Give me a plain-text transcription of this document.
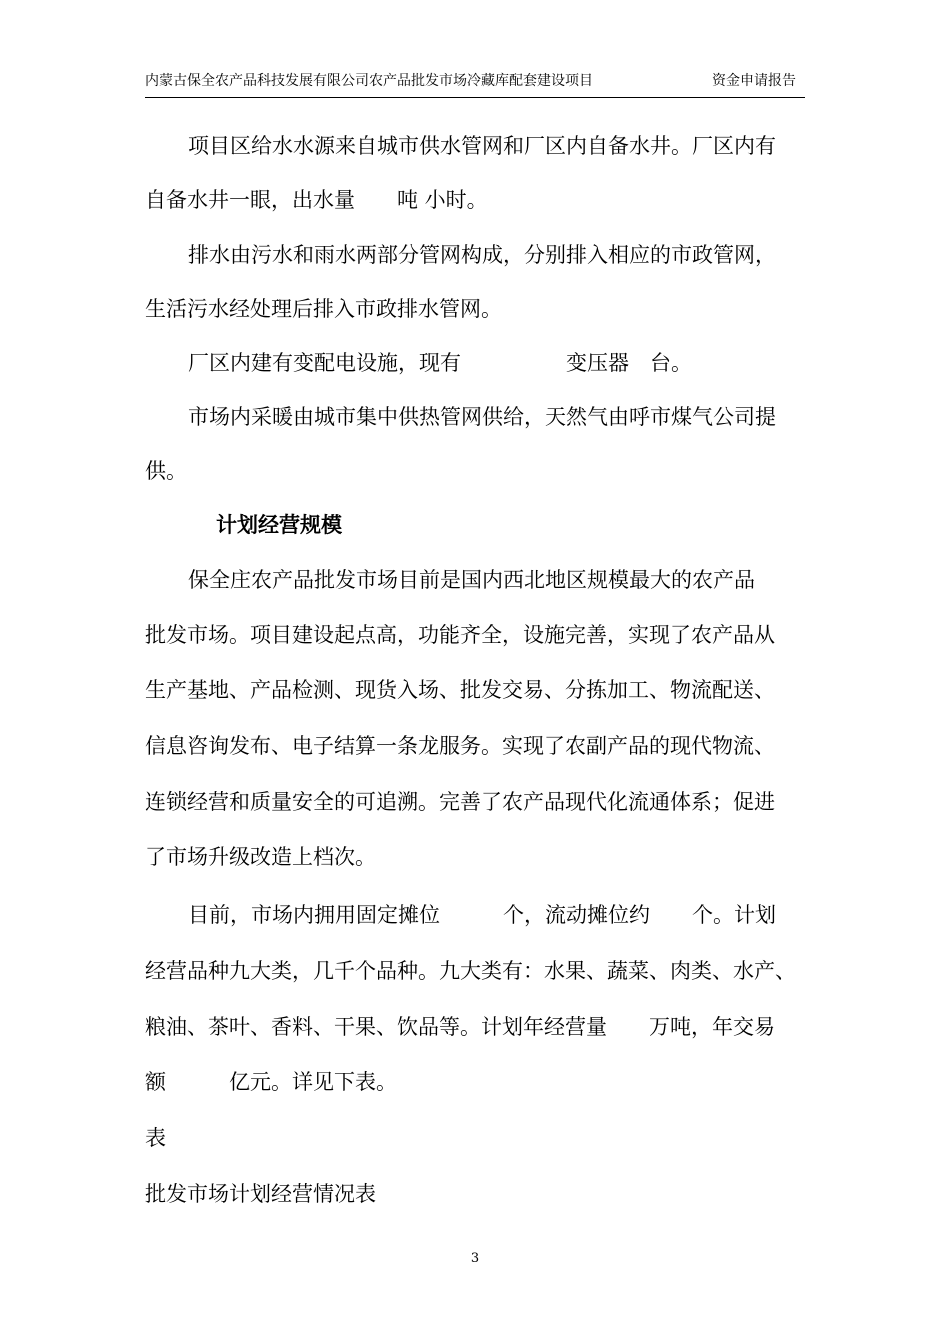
内蒙古保全农产品科技发展有限公司农产品批发市场冷藏库配套建设项目	资金申请报告
项目区给水水源来自城市供水管网和厂区内自备水井。厂区内有
自备水井一眼，出水量　　吨 小时。
排水由污水和雨水两部分管网构成，分别排入相应的市政管网，
生活污水经处理后排入市政排水管网。
厂区内建有变配电设施，现有　　　　　变压器　台。
市场内采暖由城市集中供热管网供给，天然气由呼市煤气公司提
供。
计划经营规模
保全庄农产品批发市场目前是国内西北地区规模最大的农产品
批发市场。项目建设起点高，功能齐全，设施完善，实现了农产品从
生产基地、产品检测、现货入场、批发交易、分拣加工、物流配送、
信息咨询发布、电子结算一条龙服务。实现了农副产品的现代物流、
连锁经营和质量安全的可追溯。完善了农产品现代化流通体系；促进
了市场升级改造上档次。
目前，市场内拥用固定摊位　　　个，流动摊位约　　个。计划
经营品种九大类，几千个品种。九大类有：水果、蔬菜、肉类、水产、
粮油、茶叶、香料、干果、饮品等。计划年经营量　　万吨，年交易
额　　　亿元。详见下表。
表
批发市场计划经营情况表
3
